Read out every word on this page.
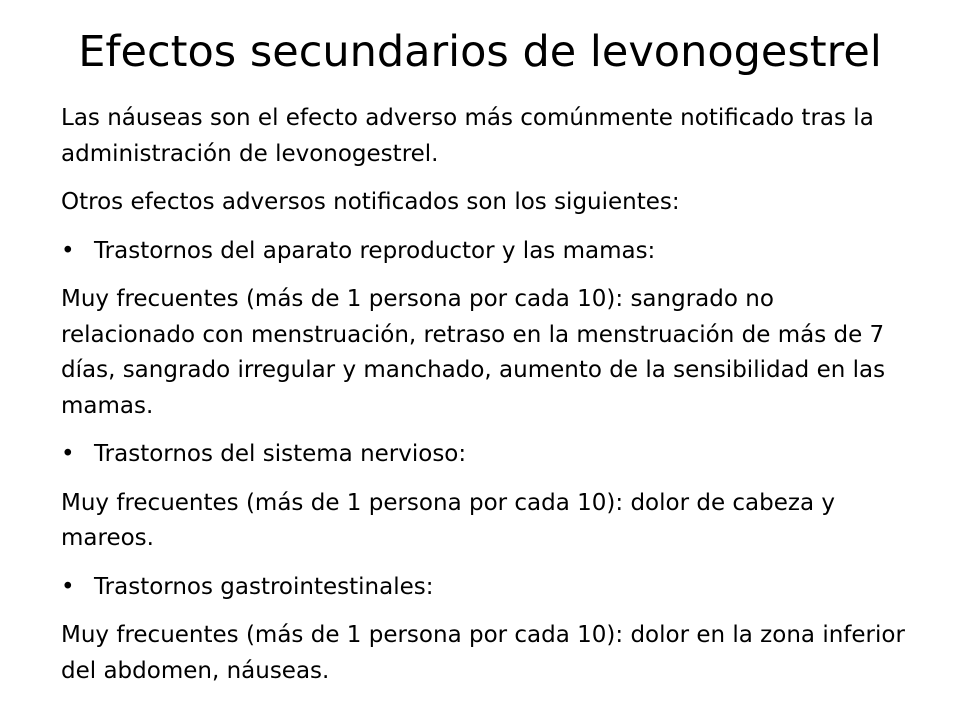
Efectos secundarios de levonogestrel

Las náuseas son el efecto adverso más comúnmente notificado tras la administración de levonogestrel.

Otros efectos adversos notificados son los siguientes:

• Trastornos del aparato reproductor y las mamas:

Muy frecuentes (más de 1 persona por cada 10): sangrado no relacionado con menstruación, retraso en la menstruación de más de 7 días, sangrado irregular y manchado, aumento de la sensibilidad en las mamas.

• Trastornos del sistema nervioso:

Muy frecuentes (más de 1 persona por cada 10): dolor de cabeza y mareos.

• Trastornos gastrointestinales:

Muy frecuentes (más de 1 persona por cada 10): dolor en la zona inferior del abdomen, náuseas.
